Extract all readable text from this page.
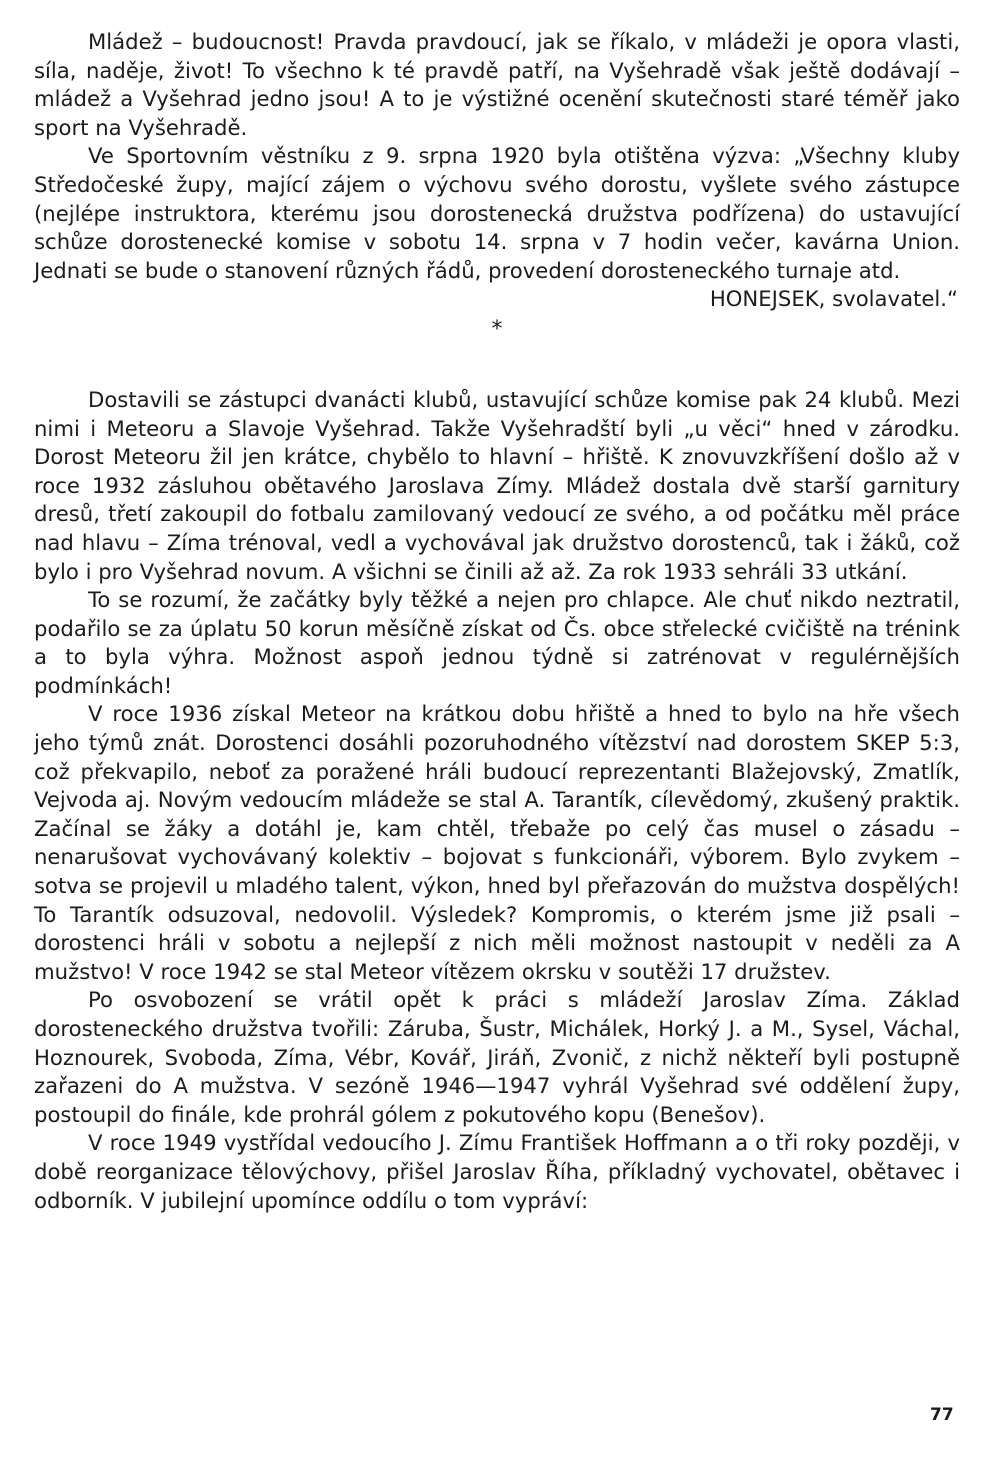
Mládež – budoucnost! Pravda pravdoucí, jak se říkalo, v mládeži je opora vlasti, síla, naděje, život! To všechno k té pravdě patří, na Vyšehradě však ještě dodávají – mládež a Vyšehrad jedno jsou! A to je výstižné ocenění skutečnosti staré téměř jako sport na Vyšehradě.

Ve Sportovním věstníku z 9. srpna 1920 byla otištěna výzva: „Všechny kluby Středočeské župy, mající zájem o výchovu svého dorostu, vyšlete svého zástupce (nejlépe instruktora, kterému jsou dorostenecká družstva podřízena) do ustavující schůze dorostenecké komise v sobotu 14. srpna v 7 hodin večer, kavárna Union. Jednati se bude o stanovení různých řádů, provedení dorosteneckého turnaje atd.

HONEJSEK, svolavatel.“

*

Dostavili se zástupci dvanácti klubů, ustavující schůze komise pak 24 klubů. Mezi nimi i Meteoru a Slavoje Vyšehrad. Takže Vyšehradští byli „u věci“ hned v zárodku. Dorost Meteoru žil jen krátce, chybělo to hlavní – hřiště. K znovuvzkříšení došlo až v roce 1932 zásluhou obětavého Jaroslava Zímy. Mládež dostala dvě starší garnitury dresů, třetí zakoupil do fotbalu zamilovaný vedoucí ze svého, a od počátku měl práce nad hlavu – Zíma trénoval, vedl a vychovával jak družstvo dorostenců, tak i žáků, což bylo i pro Vyšehrad novum. A všichni se činili až až. Za rok 1933 sehráli 33 utkání.

To se rozumí, že začátky byly těžké a nejen pro chlapce. Ale chuť nikdo neztratil, podařilo se za úplatu 50 korun měsíčně získat od Čs. obce střelecké cvičiště na trénink a to byla výhra. Možnost aspoň jednou týdně si zatrénovat v regulérnějších podmínkách!

V roce 1936 získal Meteor na krátkou dobu hřiště a hned to bylo na hře všech jeho týmů znát. Dorostenci dosáhli pozoruhodného vítězství nad dorostem SKEP 5:3, což překvapilo, neboť za poražené hráli budoucí reprezentanti Blažejovský, Zmatlík, Vejvoda aj. Novým vedoucím mládeže se stal A. Tarantík, cílevědomý, zkušený praktik. Začínal se žáky a dotáhl je, kam chtěl, třebaže po celý čas musel o zásadu – nenarušovat vychovávaný kolektiv – bojovat s funkcionáři, výborem. Bylo zvykem – sotva se projevil u mladého talent, výkon, hned byl přeřazován do mužstva dospělých! To Tarantík odsuzoval, nedovolil. Výsledek? Kompromis, o kterém jsme již psali – dorostenci hráli v sobotu a nejlepší z nich měli možnost nastoupit v neděli za A mužstvo! V roce 1942 se stal Meteor vítězem okrsku v soutěži 17 družstev.

Po osvobození se vrátil opět k práci s mládeží Jaroslav Zíma. Základ dorosteneckého družstva tvořili: Záruba, Šustr, Michálek, Horký J. a M., Sysel, Váchal, Hoznourek, Svoboda, Zíma, Vébr, Kovář, Jiráň, Zvonič, z nichž někteří byli postupně zařazeni do A mužstva. V sezóně 1946—1947 vyhrál Vyšehrad své oddělení župy, postoupil do finále, kde prohrál gólem z pokutového kopu (Benešov).

V roce 1949 vystřídal vedoucího J. Zímu František Hoffmann a o tři roky později, v době reorganizace tělovýchovy, přišel Jaroslav Říha, příkladný vychovatel, obětavec i odborník. V jubilejní upomínce oddílu o tom vypráví:

77
